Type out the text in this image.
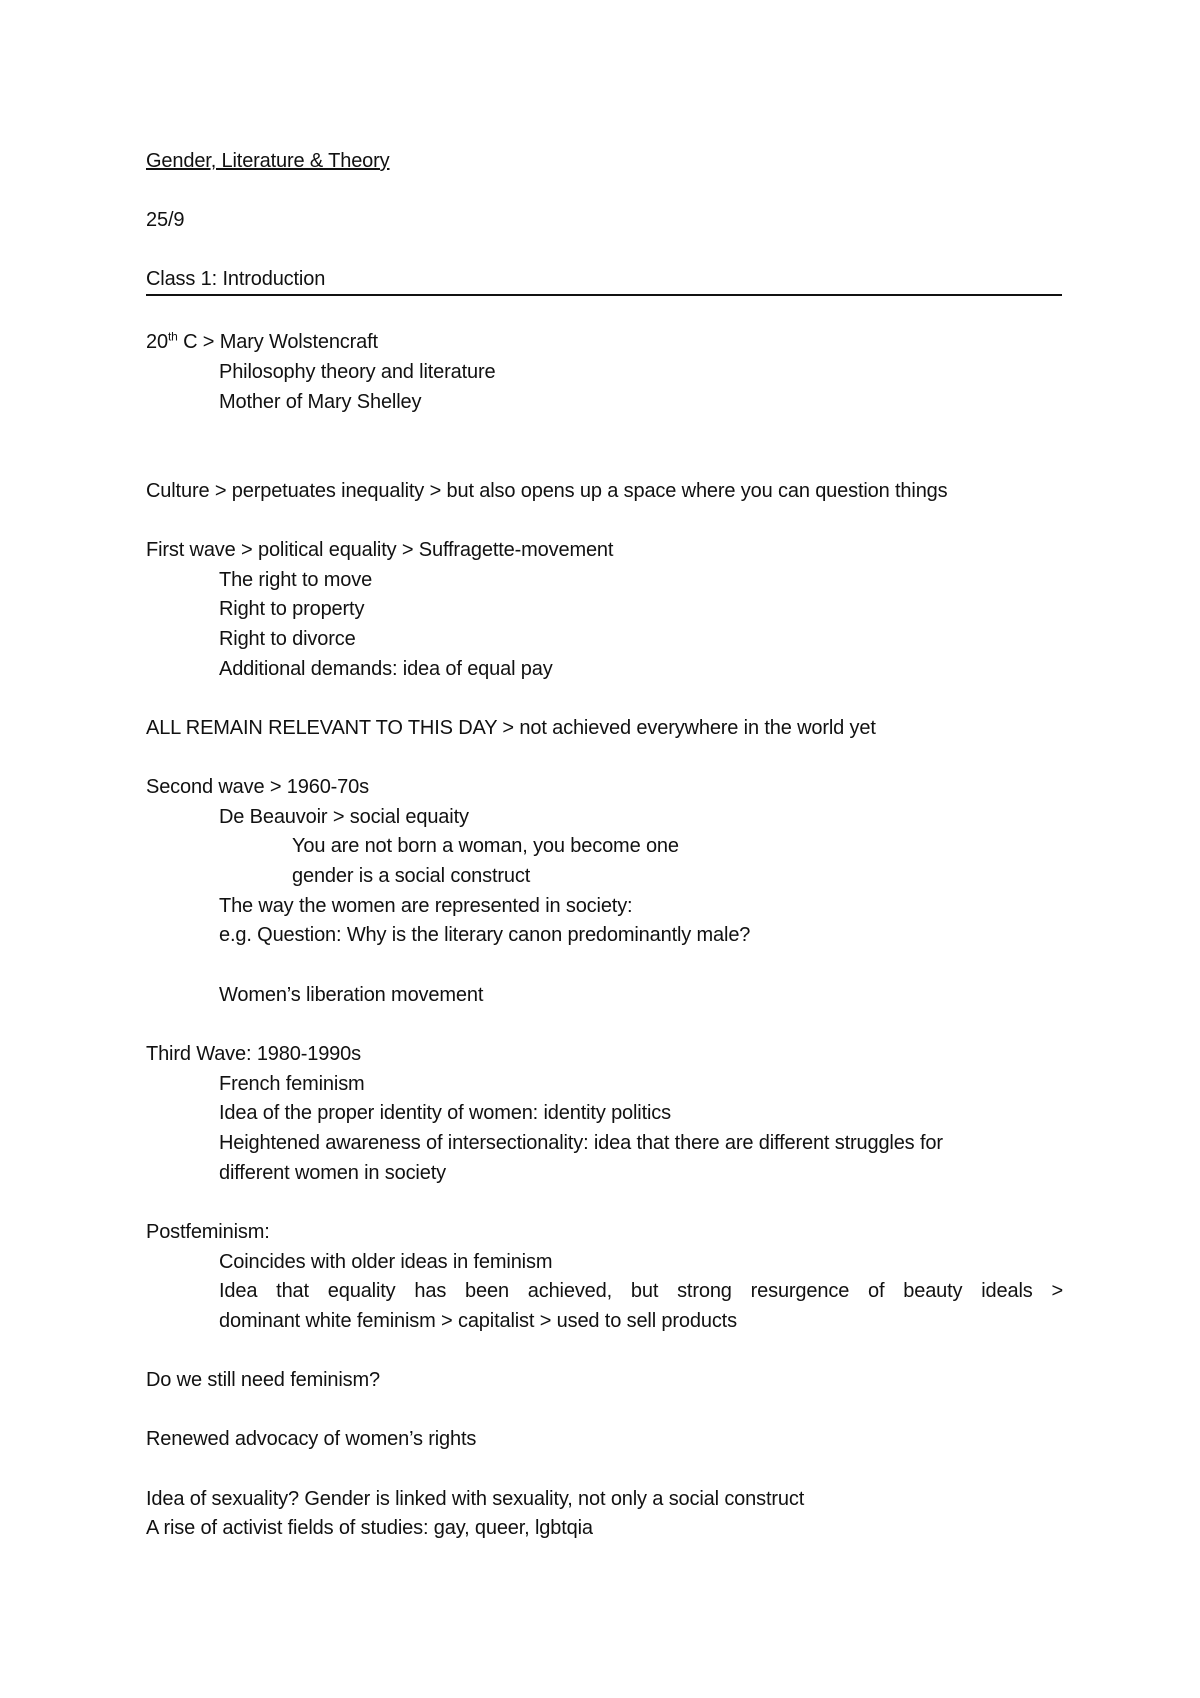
Gender, Literature & Theory
25/9
Class 1: Introduction
20th C > Mary Wolstencraft
Philosophy theory and literature
Mother of Mary Shelley
Culture > perpetuates inequality > but also opens up a space where you can question things
First wave > political equality > Suffragette-movement
The right to move
Right to property
Right to divorce
Additional demands: idea of equal pay
ALL REMAIN RELEVANT TO THIS DAY > not achieved everywhere in the world yet
Second wave > 1960-70s
De Beauvoir > social equaity
You are not born a woman, you become one
gender is a social construct
The way the women are represented in society:
e.g. Question: Why is the literary canon predominantly male?
Women’s liberation movement
Third Wave: 1980-1990s
French feminism
Idea of the proper identity of women: identity politics
Heightened awareness of intersectionality: idea that there are different struggles for
different women in society
Postfeminism:
Coincides with older ideas in feminism
Idea that equality has been achieved, but strong resurgence of beauty ideals >
dominant white feminism > capitalist > used to sell products
Do we still need feminism?
Renewed advocacy of women’s rights
Idea of sexuality? Gender is linked with sexuality, not only a social construct
A rise of activist fields of studies: gay, queer, lgbtqia
